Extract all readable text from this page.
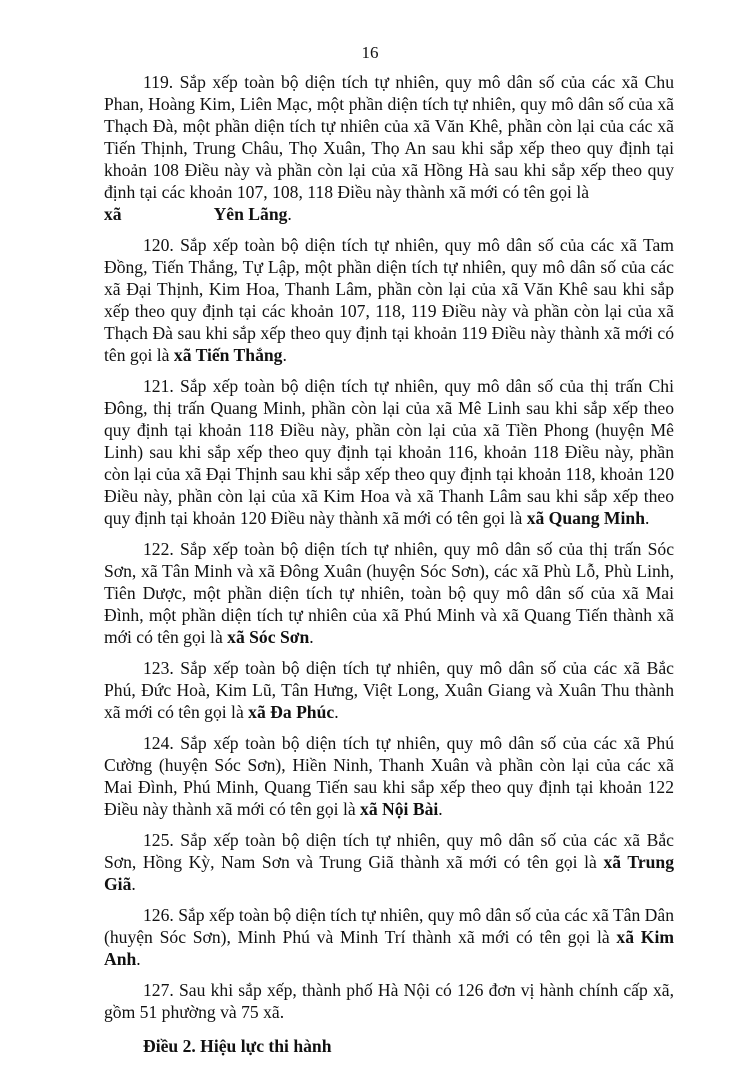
16

119. Sắp xếp toàn bộ diện tích tự nhiên, quy mô dân số của các xã Chu Phan, Hoàng Kim, Liên Mạc, một phần diện tích tự nhiên, quy mô dân số của xã Thạch Đà, một phần diện tích tự nhiên của xã Văn Khê, phần còn lại của các xã Tiến Thịnh, Trung Châu, Thọ Xuân, Thọ An sau khi sắp xếp theo quy định tại khoản 108 Điều này và phần còn lại của xã Hồng Hà sau khi sắp xếp theo quy định tại các khoản 107, 108, 118 Điều này thành xã mới có tên gọi là
xã	Yên Lãng.

120. Sắp xếp toàn bộ diện tích tự nhiên, quy mô dân số của các xã Tam Đồng, Tiến Thắng, Tự Lập, một phần diện tích tự nhiên, quy mô dân số của các xã Đại Thịnh, Kim Hoa, Thanh Lâm, phần còn lại của xã Văn Khê sau khi sắp xếp theo quy định tại các khoản 107, 118, 119 Điều này và phần còn lại của xã Thạch Đà sau khi sắp xếp theo quy định tại khoản 119 Điều này thành xã mới có tên gọi là xã Tiến Thắng.

121. Sắp xếp toàn bộ diện tích tự nhiên, quy mô dân số của thị trấn Chi Đông, thị trấn Quang Minh, phần còn lại của xã Mê Linh sau khi sắp xếp theo quy định tại khoản 118 Điều này, phần còn lại của xã Tiền Phong (huyện Mê Linh) sau khi sắp xếp theo quy định tại khoản 116, khoản 118 Điều này, phần còn lại của xã Đại Thịnh sau khi sắp xếp theo quy định tại khoản 118, khoản 120 Điều này, phần còn lại của xã Kim Hoa và xã Thanh Lâm sau khi sắp xếp theo quy định tại khoản 120 Điều này thành xã mới có tên gọi là xã Quang Minh.

122. Sắp xếp toàn bộ diện tích tự nhiên, quy mô dân số của thị trấn Sóc Sơn, xã Tân Minh và xã Đông Xuân (huyện Sóc Sơn), các xã Phù Lỗ, Phù Linh, Tiên Dược, một phần diện tích tự nhiên, toàn bộ quy mô dân số của xã Mai Đình, một phần diện tích tự nhiên của xã Phú Minh và xã Quang Tiến thành xã mới có tên gọi là xã Sóc Sơn.

123. Sắp xếp toàn bộ diện tích tự nhiên, quy mô dân số của các xã Bắc Phú, Đức Hoà, Kim Lũ, Tân Hưng, Việt Long, Xuân Giang và Xuân Thu thành xã mới có tên gọi là xã Đa Phúc.

124. Sắp xếp toàn bộ diện tích tự nhiên, quy mô dân số của các xã Phú Cường (huyện Sóc Sơn), Hiền Ninh, Thanh Xuân và phần còn lại của các xã Mai Đình, Phú Minh, Quang Tiến sau khi sắp xếp theo quy định tại khoản 122 Điều này thành xã mới có tên gọi là xã Nội Bài.

125. Sắp xếp toàn bộ diện tích tự nhiên, quy mô dân số của các xã Bắc Sơn, Hồng Kỳ, Nam Sơn và Trung Giã thành xã mới có tên gọi là xã Trung Giã.

126. Sắp xếp toàn bộ diện tích tự nhiên, quy mô dân số của các xã Tân Dân (huyện Sóc Sơn), Minh Phú và Minh Trí thành xã mới có tên gọi là xã Kim Anh.

127. Sau khi sắp xếp, thành phố Hà Nội có 126 đơn vị hành chính cấp xã, gồm 51 phường và 75 xã.

Điều 2. Hiệu lực thi hành
